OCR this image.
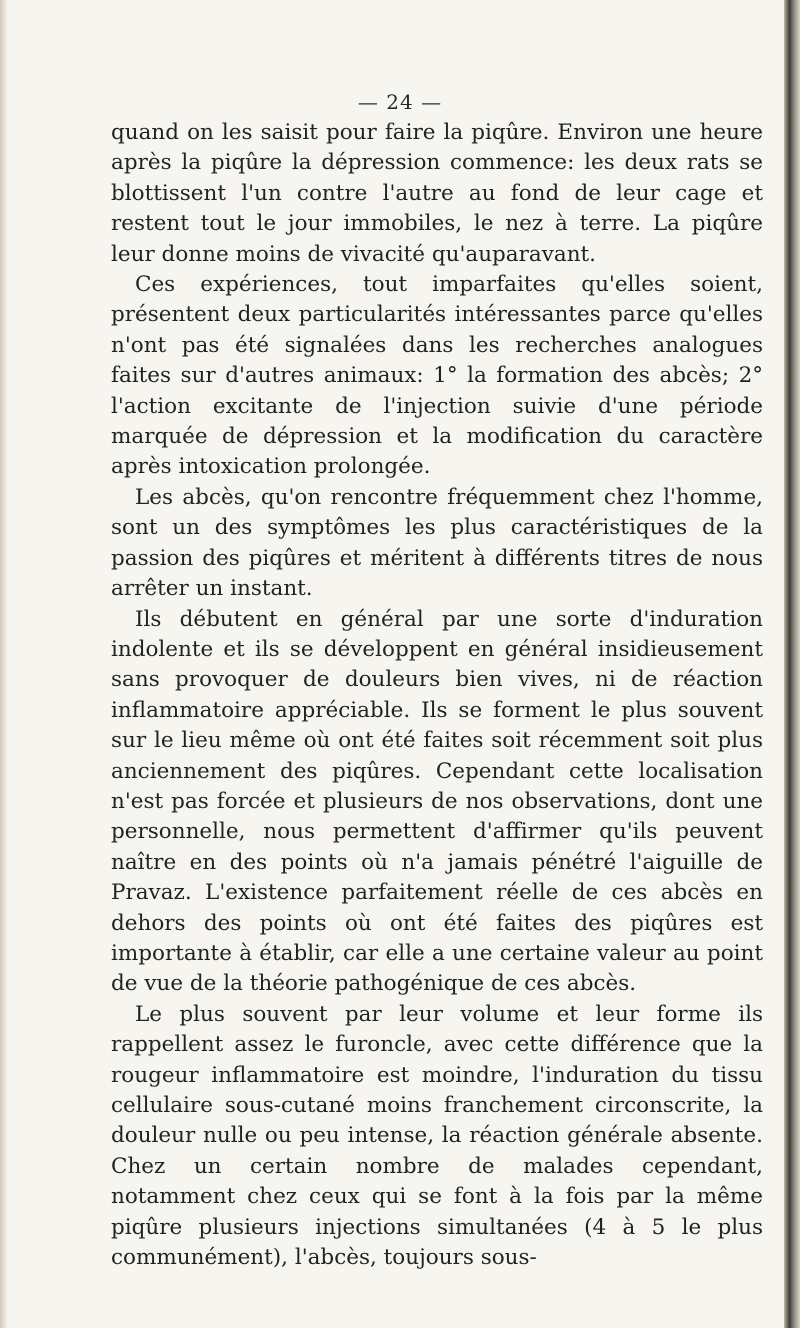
— 24 —

quand on les saisit pour faire la piqûre. Environ une heure après la piqûre la dépression commence: les deux rats se blottissent l'un contre l'autre au fond de leur cage et restent tout le jour immobiles, le nez à terre. La piqûre leur donne moins de vivacité qu'auparavant.

Ces expériences, tout imparfaites qu'elles soient, présentent deux particularités intéressantes parce qu'elles n'ont pas été signalées dans les recherches analogues faites sur d'autres animaux: 1° la formation des abcès; 2° l'action excitante de l'injection suivie d'une période marquée de dépression et la modification du caractère après intoxication prolongée.

Les abcès, qu'on rencontre fréquemment chez l'homme, sont un des symptômes les plus caractéristiques de la passion des piqûres et méritent à différents titres de nous arrêter un instant.

Ils débutent en général par une sorte d'induration indolente et ils se développent en général insidieusement sans provoquer de douleurs bien vives, ni de réaction inflammatoire appréciable. Ils se forment le plus souvent sur le lieu même où ont été faites soit récemment soit plus anciennement des piqûres. Cependant cette localisation n'est pas forcée et plusieurs de nos observations, dont une personnelle, nous permettent d'affirmer qu'ils peuvent naître en des points où n'a jamais pénétré l'aiguille de Pravaz. L'existence parfaitement réelle de ces abcès en dehors des points où ont été faites des piqûres est importante à établir, car elle a une certaine valeur au point de vue de la théorie pathogénique de ces abcès.

Le plus souvent par leur volume et leur forme ils rappellent assez le furoncle, avec cette différence que la rougeur inflammatoire est moindre, l'induration du tissu cellulaire sous-cutané moins franchement circonscrite, la douleur nulle ou peu intense, la réaction générale absente. Chez un certain nombre de malades cependant, notamment chez ceux qui se font à la fois par la même piqûre plusieurs injections simultanées (4 à 5 le plus communément), l'abcès, toujours sous-
